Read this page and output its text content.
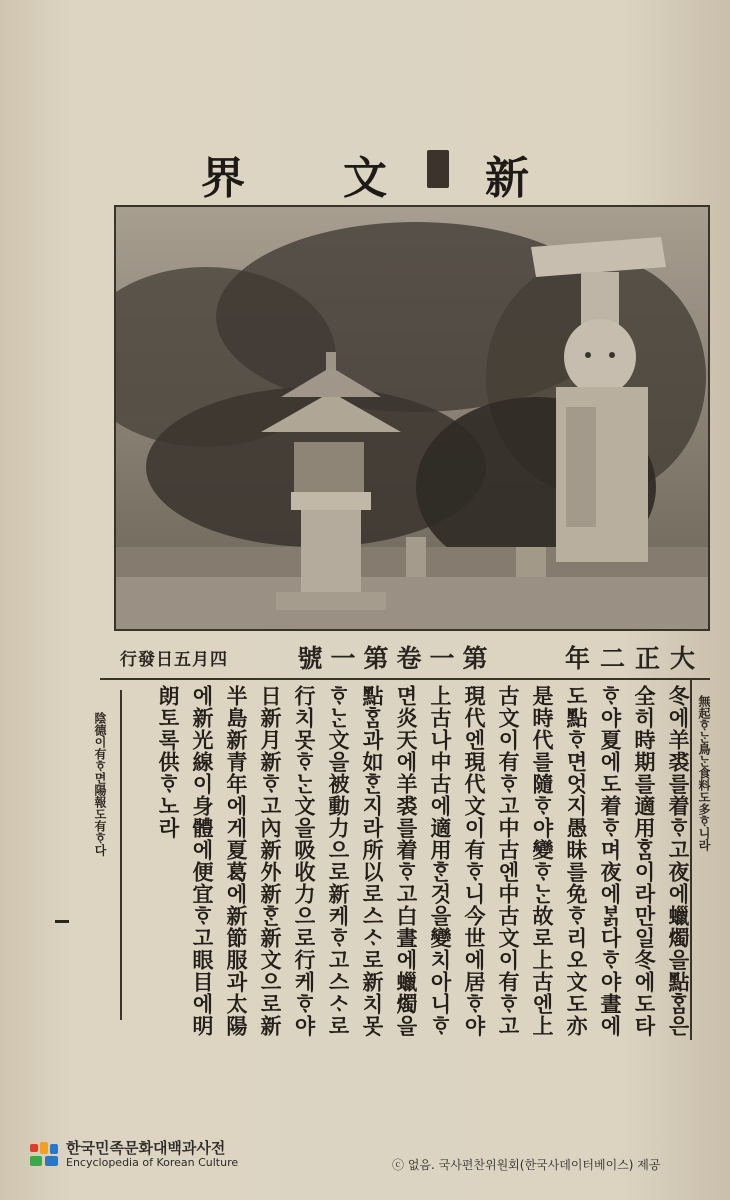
界	文	新
行發日五月四	號一第卷一第	年二正大
冬에羊裘를着ᄒᆞ고夜에蠟燭을點ᄒᆞᆷ은
全히時期를適用ᄒᆞᆷ이라만일冬에도타
ᄒᆞ야夏에도着ᄒᆞ며夜에ᄇᆞᆰ다ᄒᆞ야晝에
도點ᄒᆞ면엇지愚昧를免ᄒᆞ리오文도亦
是時代를隨ᄒᆞ야變ᄒᆞᄂᆞᆫ故로上古엔上
古文이有ᄒᆞ고中古엔中古文이有ᄒᆞ고
現代엔現代文이有ᄒᆞ니今世에居ᄒᆞ야
上古나中古에適用ᄒᆞᆫ것을變치아니ᄒᆞ
면炎天에羊裘를着ᄒᆞ고白晝에蠟燭을
點ᄒᆞᆷ과如ᄒᆞᆫ지라所以로스ᄉᆞ로新치못
ᄒᆞᄂᆞᆫ文을被動力으로新케ᄒᆞ고스ᄉᆞ로
行치못ᄒᆞᄂᆞᆫ文을吸收力으로行케ᄒᆞ야
日新月新ᄒᆞ고內新外新ᄒᆞᆫ新文으로新
半島新青年에게夏葛에新節服과太陽
에新光線이身體에便宜ᄒᆞ고眼目에明
朗토록供ᄒᆞ노라	無起ᄒᆞᄂᆞᆫ鳥ᄂᆞᆫ食料도多ᄒᆞ니라
陰德이有ᄒᆞ면陽報도有ᄒᆞ다
한국민족문화대백과사전
Encyclopedia of Korean Culture	ⓒ 없음. 국사편찬위원회(한국사데이터베이스) 제공
